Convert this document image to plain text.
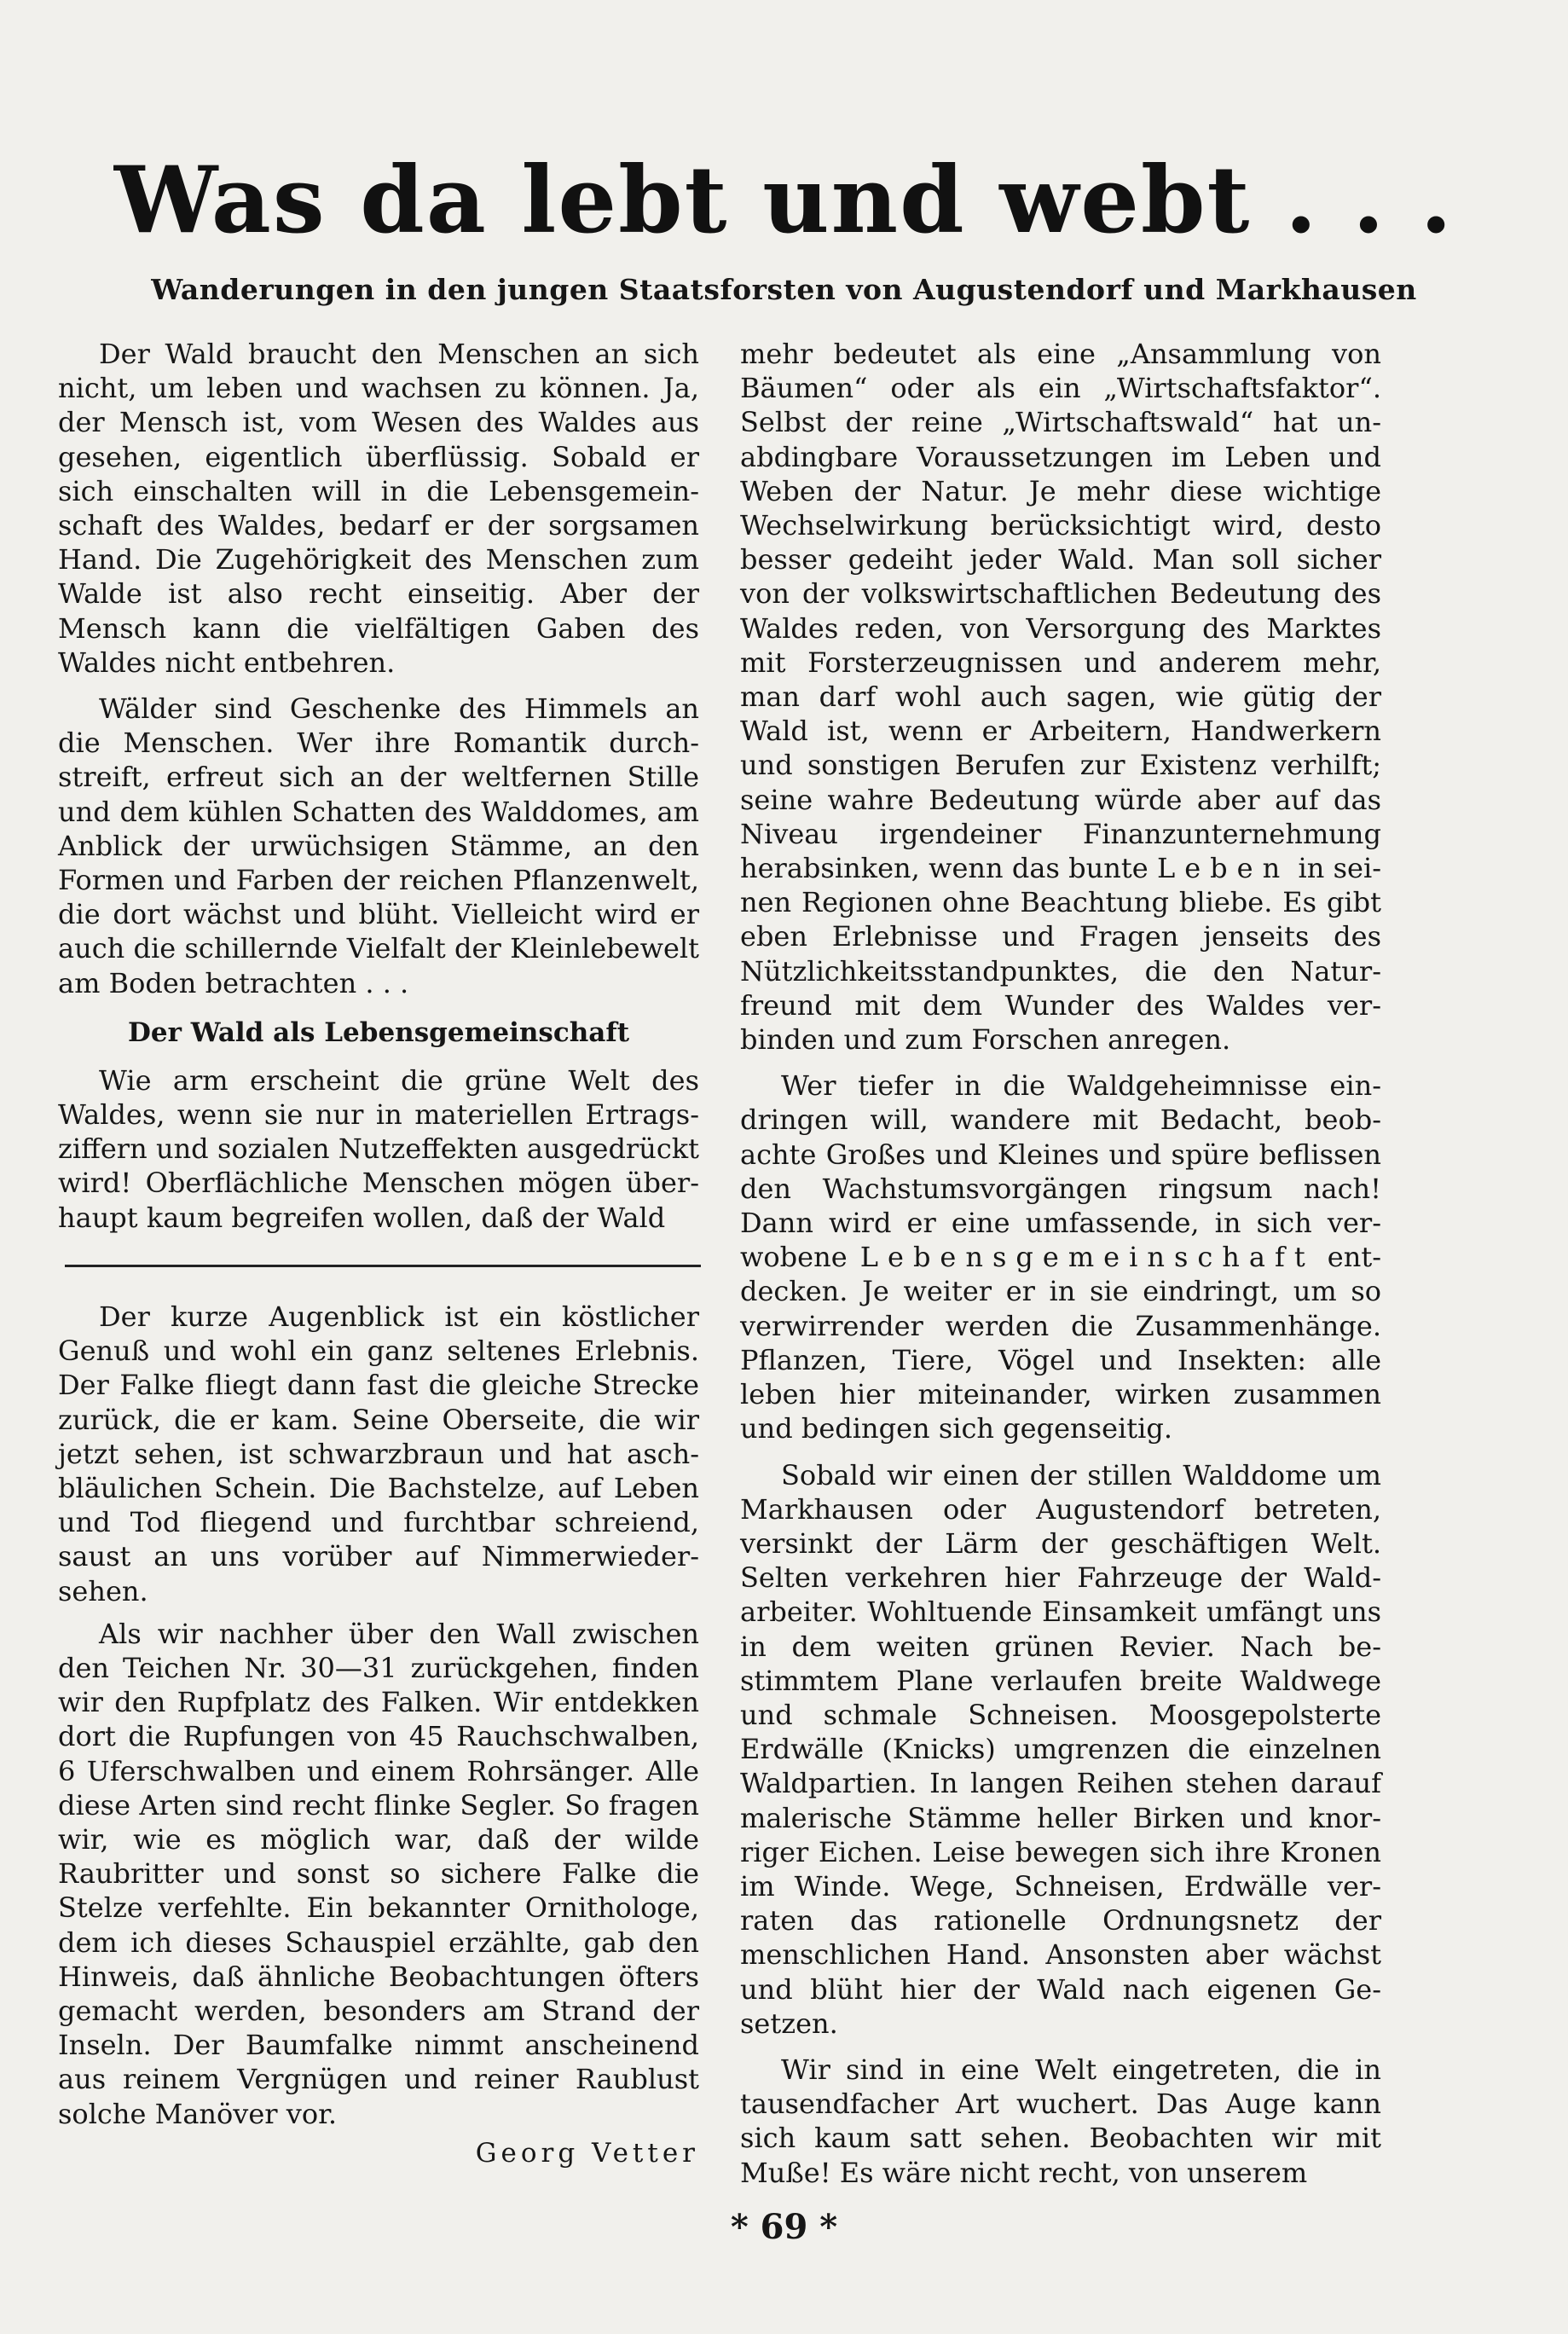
Was da lebt und webt . . .
Wanderungen in den jungen Staatsforsten von Augustendorf und Markhausen

Der Wald braucht den Menschen an sich nicht, um leben und wachsen zu können. Ja, der Mensch ist, vom Wesen des Waldes aus gesehen, eigentlich überflüssig. Sobald er sich einschalten will in die Lebensgemeinschaft des Waldes, bedarf er der sorgsamen Hand. Die Zugehörigkeit des Menschen zum Walde ist also recht einseitig. Aber der Mensch kann die vielfältigen Gaben des Waldes nicht entbehren.

Wälder sind Geschenke des Himmels an die Menschen. Wer ihre Romantik durchstreift, erfreut sich an der weltfernen Stille und dem kühlen Schatten des Walddomes, am Anblick der urwüchsigen Stämme, an den Formen und Farben der reichen Pflanzenwelt, die dort wächst und blüht. Vielleicht wird er auch die schillernde Vielfalt der Kleinlebewelt am Boden betrachten . . .

Der Wald als Lebensgemeinschaft

Wie arm erscheint die grüne Welt des Waldes, wenn sie nur in materiellen Ertragsziffern und sozialen Nutzeffekten ausgedrückt wird! Oberflächliche Menschen mögen überhaupt kaum begreifen wollen, daß der Wald

Der kurze Augenblick ist ein köstlicher Genuß und wohl ein ganz seltenes Erlebnis. Der Falke fliegt dann fast die gleiche Strecke zurück, die er kam. Seine Oberseite, die wir jetzt sehen, ist schwarzbraun und hat aschbläulichen Schein. Die Bachstelze, auf Leben und Tod fliegend und furchtbar schreiend, saust an uns vorüber auf Nimmerwiedersehen.

Als wir nachher über den Wall zwischen den Teichen Nr. 30—31 zurückgehen, finden wir den Rupfplatz des Falken. Wir entdekken dort die Rupfungen von 45 Rauchschwalben, 6 Uferschwalben und einem Rohrsänger. Alle diese Arten sind recht flinke Segler. So fragen wir, wie es möglich war, daß der wilde Raubritter und sonst so sichere Falke die Stelze verfehlte. Ein bekannter Ornithologe, dem ich dieses Schauspiel erzählte, gab den Hinweis, daß ähnliche Beobachtungen öfters gemacht werden, besonders am Strand der Inseln. Der Baumfalke nimmt anscheinend aus reinem Vergnügen und reiner Raublust solche Manöver vor.

Georg Vetter

mehr bedeutet als eine „Ansammlung von Bäumen“ oder als ein „Wirtschaftsfaktor“. Selbst der reine „Wirtschaftswald“ hat unabdingbare Voraussetzungen im Leben und Weben der Natur. Je mehr diese wichtige Wechselwirkung berücksichtigt wird, desto besser gedeiht jeder Wald. Man soll sicher von der volkswirtschaftlichen Bedeutung des Waldes reden, von Versorgung des Marktes mit Forsterzeugnissen und anderem mehr, man darf wohl auch sagen, wie gütig der Wald ist, wenn er Arbeitern, Handwerkern und sonstigen Berufen zur Existenz verhilft; seine wahre Bedeutung würde aber auf das Niveau irgendeiner Finanzunternehmung herabsinken, wenn das bunte Leben in seinen Regionen ohne Beachtung bliebe. Es gibt eben Erlebnisse und Fragen jenseits des Nützlichkeitsstandpunktes, die den Naturfreund mit dem Wunder des Waldes verbinden und zum Forschen anregen.

Wer tiefer in die Waldgeheimnisse eindringen will, wandere mit Bedacht, beobachte Großes und Kleines und spüre beflissen den Wachstumsvorgängen ringsum nach! Dann wird er eine umfassende, in sich verwobene Lebensgemeinschaft entdecken. Je weiter er in sie eindringt, um so verwirrender werden die Zusammenhänge. Pflanzen, Tiere, Vögel und Insekten: alle leben hier miteinander, wirken zusammen und bedingen sich gegenseitig.

Sobald wir einen der stillen Walddome um Markhausen oder Augustendorf betreten, versinkt der Lärm der geschäftigen Welt. Selten verkehren hier Fahrzeuge der Waldarbeiter. Wohltuende Einsamkeit umfängt uns in dem weiten grünen Revier. Nach bestimmtem Plane verlaufen breite Waldwege und schmale Schneisen. Moosgepolsterte Erdwälle (Knicks) umgrenzen die einzelnen Waldpartien. In langen Reihen stehen darauf malerische Stämme heller Birken und knorriger Eichen. Leise bewegen sich ihre Kronen im Winde. Wege, Schneisen, Erdwälle verraten das rationelle Ordnungsnetz der menschlichen Hand. Ansonsten aber wächst und blüht hier der Wald nach eigenen Gesetzen.

Wir sind in eine Welt eingetreten, die in tausendfacher Art wuchert. Das Auge kann sich kaum satt sehen. Beobachten wir mit Muße! Es wäre nicht recht, von unserem

* 69 *
